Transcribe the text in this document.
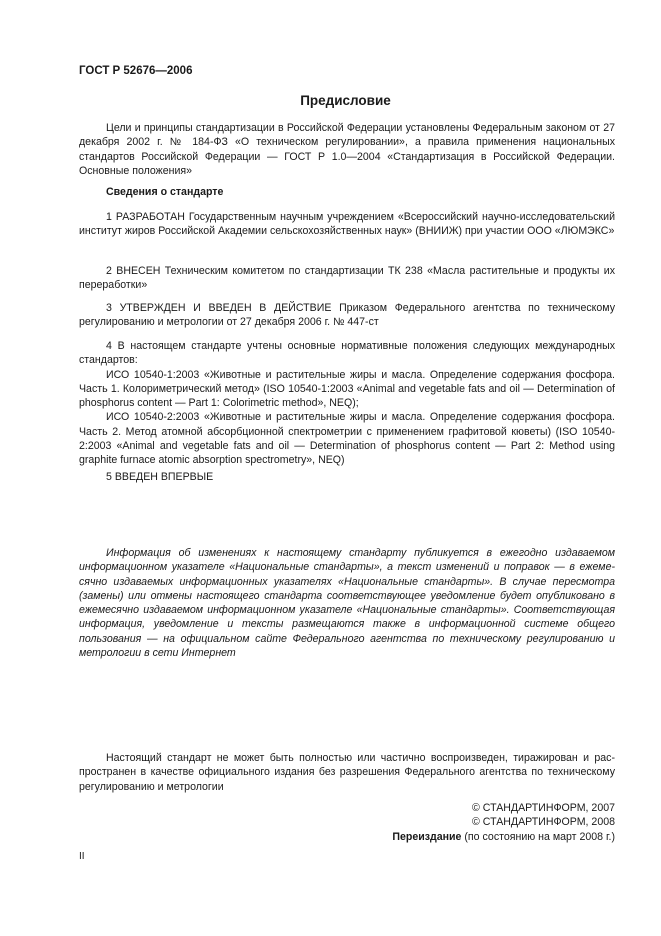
ГОСТ Р 52676—2006
Предисловие

Цели и принципы стандартизации в Российской Федерации установлены Федеральным законом от 27 декабря 2002 г. № 184-ФЗ «О техническом регулировании», а правила применения национальных стандартов Российской Федерации — ГОСТ Р 1.0—2004 «Стандартизация в Российской Федерации. Основные положения»

Сведения о стандарте

1 РАЗРАБОТАН Государственным научным учреждением «Всероссийский научно-исследовательский институт жиров Российской Академии сельскохозяйственных наук» (ВНИИЖ) при участии ООО «ЛЮМЭКС»

2 ВНЕСЕН Техническим комитетом по стандартизации ТК 238 «Масла растительные и продукты их переработки»

3 УТВЕРЖДЕН И ВВЕДЕН В ДЕЙСТВИЕ Приказом Федерального агентства по техническому регулированию и метрологии от 27 декабря 2006 г. № 447-ст

4 В настоящем стандарте учтены основные нормативные положения следующих международных стандартов:

ИСО 10540-1:2003 «Животные и растительные жиры и масла. Определение содержания фосфора. Часть 1. Колориметрический метод» (ISO 10540-1:2003 «Animal and vegetable fats and oil — Determination of phosphorus content — Part 1: Colorimetric method», NEQ);

ИСО 10540-2:2003 «Животные и растительные жиры и масла. Определение содержания фосфора. Часть 2. Метод атомной абсорбционной спектрометрии с применением графитовой кюветы) (ISO 10540-2:2003 «Animal and vegetable fats and oil — Determination of phosphorus content — Part 2: Method using graphite furnace atomic absorption spectrometry», NEQ)

5 ВВЕДЕН ВПЕРВЫЕ

Информация об изменениях к настоящему стандарту публикуется в ежегодно издаваемом информационном указателе «Национальные стандарты», а текст изменений и поправок — в ежемесячно издаваемых информационных указателях «Национальные стандарты». В случае пересмотра (замены) или отмены настоящего стандарта соответствующее уведомление будет опубликовано в ежемесячно издаваемом информационном указателе «Национальные стандарты». Соответствующая информация, уведомление и тексты размещаются также в информационной системе общего пользования — на официальном сайте Федерального агентства по техническому регулированию и метрологии в сети Интернет

Настоящий стандарт не может быть полностью или частично воспроизведен, тиражирован и распространен в качестве официального издания без разрешения Федерального агентства по техническому регулированию и метрологии

© СТАНДАРТИНФОРМ, 2007
© СТАНДАРТИНФОРМ, 2008
Переиздание (по состоянию на март 2008 г.)
II
